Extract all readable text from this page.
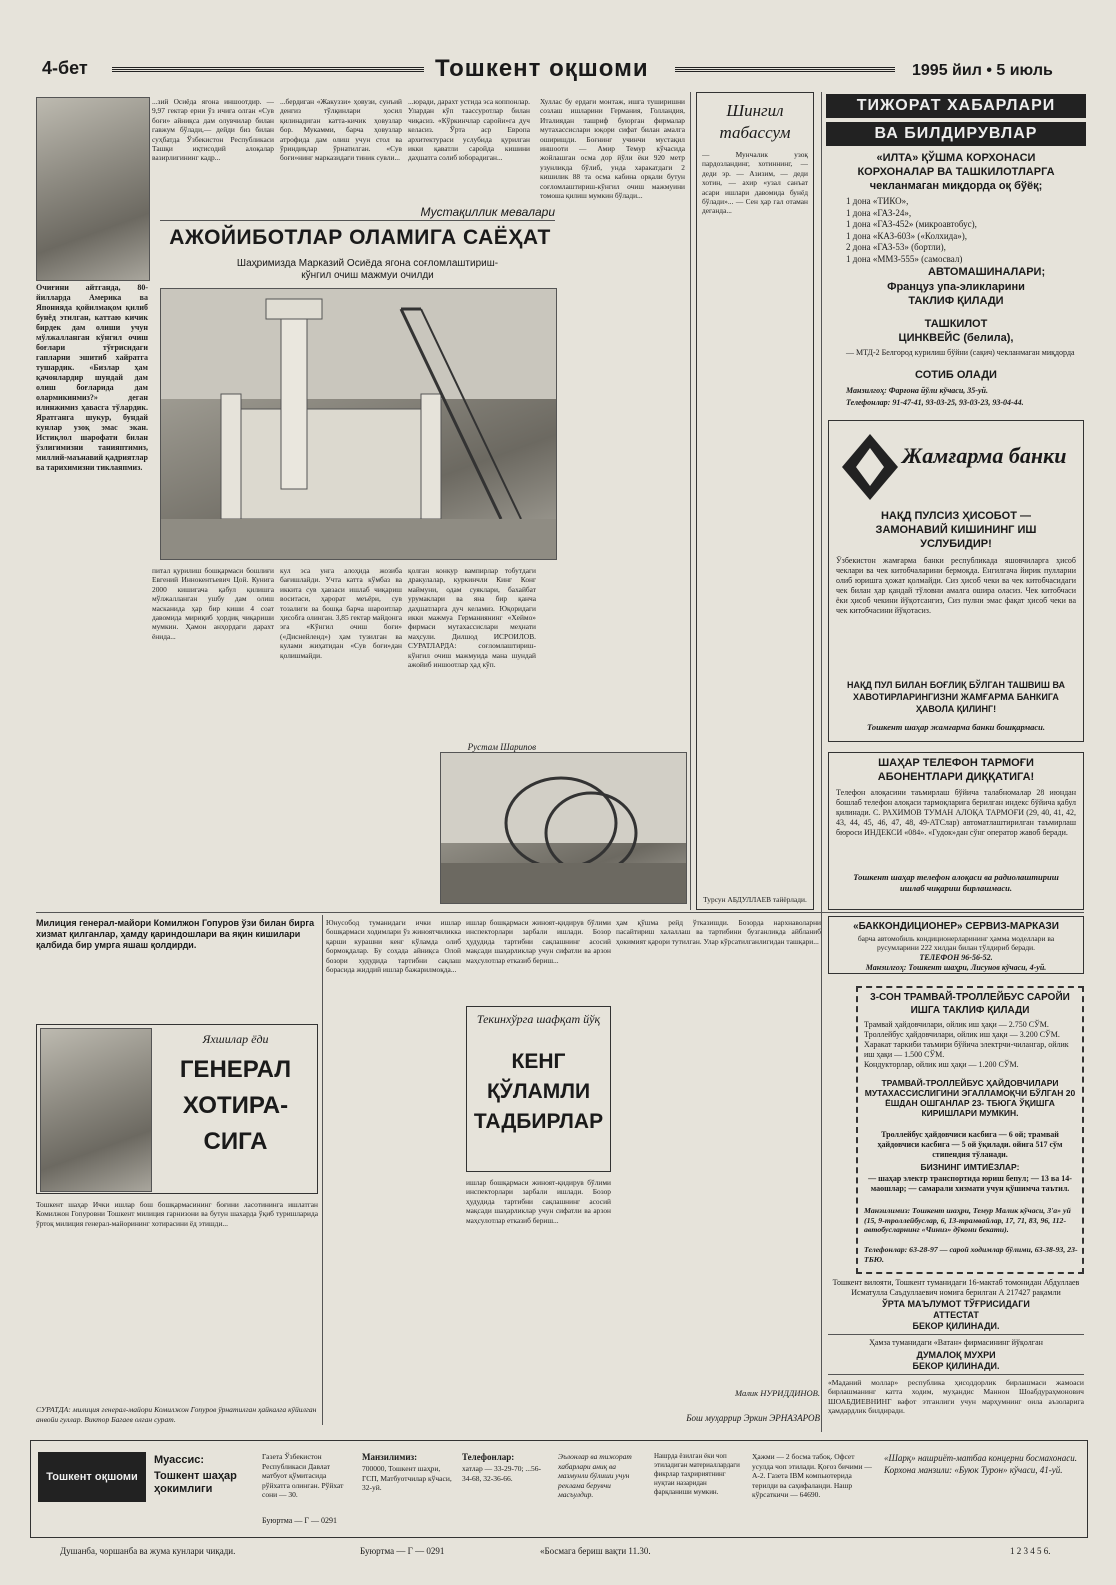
4-бет	Тошкент оқшоми	1995 йил • 5 июль
Очиғини айтганда, 80-йилларда Америка ва Японияда қойилмақом қилиб бунёд этилган, каттаю кичик бирдек дам олиши учун мўлжалланган кўнгил очиш боғлари тўғрисидаги гапларни эшитиб хайратга тушардик. «Бизлар ҳам қачонлардир шундай дам олиш боғларида дам олармикинмиз?» деган илинжимиз ҳавасга тўлардик. Яратганга шукур, бундай кунлар узоқ эмас экан. Истиқлол шарофати билан ўзлигимизни танияптимиз, миллий-маънавий қадриятлар ва тарихимизни тиклаяпмиз.
...зий Осиёда ягона иншоотдир. — 9,97 гектар ерни ўз ичига олган «Сув боғи» айниқса дам олувчилар билан гавжум бўлади,— дейди биз билан суҳбатда Ўзбекистон Республикаси Ташқи иқтисодий алоқалар вазирлигининг кадр...
...бердиган «Жакуззи» ҳовузи, сунъий денгиз тўлқинлари ҳосил қилинадиган катта-кичик ҳовузлар бор. Мукамми, барча ҳовузлар атрофида дам олиш учун стол ва ўриндиқлар ўрнатилган. «Сув боғи»нинг марказидаги тиник сувли...
...юради, дарахт устида эса коппонлар. Улардан кўп тааcсуротлар билан чиқасиз. «Кўркинчлар саройи»га дуч келасиз. Ўрта аср Европа архитектураси услубида қурилган икки қаватли саройда кишини даҳшатга солиб юборадиган...
Мустақиллик мевалари
АЖОЙИБОТЛАР ОЛАМИГА САЁҲАТ
Шаҳримизда Марказий Осиёда ягона соғломлаштириш-кўнгил очиш мажмуи очилди
питал қурилиш бошқармаси бошлиғи Евгений Иннокентьевич Цой. Кунига 2000 кишигача қабул қилишга мўлжалланган ушбу дам олиш масканида ҳар бир киши 4 соат давомида мириқиб ҳордиқ чиқариши мумкин. Ҳамон анҳордаги дарахт ёнида...
кул эса унга алоҳида жозиба бағишлайди. Учта катта кўмбаз ва иккита сув ҳавзаси ишлаб чиқариш воситаси, ҳарорат меъёри, сув тозалиги ва бошқа барча шароитлар ҳисобга олинган. 3,85 гектар майдонга эга «Кўнгил очиш боғи» («Диснейленд») ҳам тузилган ва кулами жиҳатидан «Сув боғи»дан қолишмайди.
қолган конкур вампирлар тобутдаги дракулалар, куркинчли Кинг Конг маймуни, одам суяклари, бахайбат урумаклари ва яна бир қанча даҳшатларга дуч келамиз. Юқоридаги икки мажмуа Германиянинг «Хеймо» фирмаси мутахассислари меҳнати маҳсули. Дилшод ИСРОИЛОВ. СУРАТЛАРДА: соғломлаштириш-кўнгил очиш мажмуида мана шундай ажойиб иншоотлар ҳад кўп.
Рустам Шарипов
Хуллас бу ердаги монтаж, ишга туширишни созлаш ишларини Германия, Голландия, Италиядан ташриф буюрган фирмалар мутахассислари юқори сифат билан амалга оширишди. Боғнинг учинчи мустақил иншооти — Амир Темур кўчасида жойлашган осма дор йўли ёки 920 метр узунликда бўлиб, унда харакатдаги 2 кишилик 88 та осма кабина орқали бутун соғломлаштириш-кўнгил очиш мажмуини томоша қилиш мумкин бўлади...
Шингил табассум
— Мунчалик узоқ пардозландинг, хотиннинг, — деди эр. — Азизим, — деди хотин, — ахир «узал санъат асари ишлари давомида бунёд бўлади»... — Сен ҳар гал отаман деганда...
Турсун АБДУЛЛАЕВ тайёрлади.
ТИЖОРАТ ХАБАРЛАРИ
ВА БИЛДИРУВЛАР
«ИЛТА» ҚЎШМА КОРХОНАСИ
КОРХОНАЛАР ВА ТАШКИЛОТЛАРГА
чекланмаган миқдорда оқ бўёқ;
1 дона «ТИКО»,
1 дона «ГАЗ-24»,
1 дона «ГАЗ-452» (микроавтобус),
1 дона «КАЗ-603» («Колхида»),
2 дона «ГАЗ-53» (бортли),
1 дона «ММЗ-555» (самосвал)
АВТОМАШИНАЛАРИ;
Француз упа-эликларини
ТАКЛИФ ҚИЛАДИ
ТАШКИЛОТ
ЦИНКВЕЙС (белила),
— МТД-2 Белгород курилиш бўйни (сақич) чекланмаган миқдорда
СОТИБ ОЛАДИ
Манзилгоҳ: Фарғона йўли кўчаси, 35-уй.
Телефонлар: 91-47-41, 93-03-25, 93-03-23, 93-04-44.
Жамғарма банки
НАҚД ПУЛСИЗ ҲИСОБОТ —
ЗАМОНАВИЙ КИШИНИНГ ИШ
УСЛУБИДИР!
Ўзбекистон жамғарма банки республикада яшовчиларга ҳисоб чеклари ва чек китобчаларини бермоқда. Енгилгача йирик пулларни олиб юришга ҳожат қолмайди. Сиз ҳисоб чеки ва чек китобчасидаги чек билан ҳар қандай тўловни амалга ошира оласиз. Чек китобчаси ёки ҳисоб чекини йўқотсангиз, Сиз пулни эмас фақат ҳисоб чеки ва чек китобчасини йўқотасиз.
НАҚД ПУЛ БИЛАН БОҒЛИҚ БЎЛГАН ТАШВИШ ВА
ХАВОТИРЛАРИНГИЗНИ ЖАМҒАРМА БАНКИГА
ҲАВОЛА ҚИЛИНГ!
Тошкент шаҳар жамғарма банки бошқармаси.
ШАҲАР ТЕЛЕФОН ТАРМОҒИ
АБОНЕНТЛАРИ ДИҚҚАТИГА!
Телефон алоқасини таъмирлаш бўйича талабномалар 28 июндан бошлаб телефон алоқаси тармоқларига берилган индекс бўйича қабул қилинади. С. РАХИМОВ ТУМАН АЛОҚА ТАРМОҒИ (29, 40, 41, 42, 43, 44, 45, 46, 47, 48, 49-АТСлар) автоматлаштирилган таъмирлаш бюроси ИНДЕКСИ «084». «Гудок»дан сўнг оператор жавоб беради.
Тошкент шаҳар телефон алоқаси ва радиолаштириш ишлаб чиқариш бирлашмаси.
«БАККОНДИЦИОНЕР» СЕРВИЗ-МАРКАЗИ
барча автомобиль кондиционерларининг ҳамма моделлари ва русумларини 222 хилдан билан тўлдириб беради.
ТЕЛЕФОН 96-56-52.
Манзилгоҳ: Тошкент шаҳри, Лисунов кўчаси, 4-уй.
3-СОН ТРАМВАЙ-ТРОЛЛЕЙБУС САРОЙИ
ИШГА ТАКЛИФ ҚИЛАДИ
Трамвай ҳайдовчилари, ойлик иш ҳақи — 2.750 СЎМ.
Троллейбус ҳайдовчилари, ойлик иш ҳақи — 3.200 СЎМ.
Харакат таркиби таъмири бўйича электрчи-чилангар, ойлик иш ҳақи — 1.500 СЎМ.
Кондукторлар, ойлик иш ҳақи — 1.200 СЎМ.
ТРАМВАЙ-ТРОЛЛЕЙБУС ҲАЙДОВЧИЛАРИ МУТАХАССИСЛИГИНИ ЭГАЛЛАМОҚЧИ БЎЛГАН 20 ЁШДАН ОШГАНЛАР 23- ТБЮГА ЎҚИШГА КИРИШЛАРИ МУМКИН.
Троллейбус ҳайдовчиси касбига — 6 ой; трамвай ҳайдовчиси касбига — 5 ой ўқилади. ойига 517 сўм стипендия тўланади.
БИЗНИНГ ИМТИЁЗЛАР:
— шаҳар электр транспортида юриш бепул; — 13 ва 14-маошлар; — самарали хизмати учун қўшимча таътил.
Манзилимиз: Тошкент шаҳри, Темур Малик кўчаси, 3'а» уй (15, 9-троллейбуслар, 6, 13-трамвайлар, 17, 71, 83, 96, 112-автобусларнинг «Чиниз» дўкони бекати).
Телефонлар: 63-28-97 — сарой ходимлар бўлими, 63-38-93, 23-ТБЮ.
Тошкент вилояти, Тошкент туманидаги 16-мактаб томонидан Абдуллаев Исматулла Саъдуллаевич номига берилган А 217427 рақамли
ЎРТА МАЪЛУМОТ ТЎҒРИСИДАГИ
АТТЕСТАТ
БЕКОР ҚИЛИНАДИ.
Ҳамза туманидаги «Ватан» фирмасининг йўқолган
ДУМАЛОҚ МУХРИ
БЕКОР ҚИЛИНАДИ.
«Маданий моллар» республика ҳисоддорлик бирлашмаси жамоаси бирлашманинг катта ходим, муҳандис Маннон Шоабдураҳмонович ШОАБДИЕВНИНГ вафот этганлиги учун марҳумнинг оила аъзоларига ҳамдардлик билдиради.
Милиция генерал-майори Комилжон Гопуров ўзи билан бирга хизмат қилганлар, ҳамду қариндошлари ва яқин кишилари қалбида бир умрга яшаш қолдирди.
Яхшилар ёди
ГЕНЕРАЛ
ХОТИРА-
СИГА
Тошкент шаҳар Ички ишлар бош бошқармасининг боғини ласотининга ишлатган Комилжон Гопуровни Тошкент милиция гарнизони ва бутун шахарда ўқиб туришларида ўртоқ милиция генерал-майорининг хотирасини ёд этишди...
СУРАТДА: милиция генерал-майори Комилжон Гопуров ўрнатилган ҳайкалга кўйилган анвойи гуллар. Виктор Багаев олган сурат.
Юнусобод туманидаги ички ишлар бошқармаси ходимлари ўз жиноятчиликка қарши курашни кенг кўламда олиб бормоқдалар. Бу соҳада айниқса Олой бозори худудида тартибни сақлаш борасида жиддий ишлар бажарилмоқда...
ишлар бошқармаси жиноят-қидирув бўлими инспекторлари зарбали ишлади. Бозор ҳудудида тартибни сақлашнинг асосий мақсади шаҳарликлар учун сифатли ва арзон маҳсулотлар етказиб бериш...
Текинхўрга шафқат йўқ
КЕНГ
ҚЎЛАМЛИ
ТАДБИРЛАР
ишлар бошқармаси жиноят-қидирув бўлими инспекторлари зарбали ишлади. Бозор ҳудудида тартибни сақлашнинг асосий мақсади шаҳарликлар учун сифатли ва арзон маҳсулотлар етказиб бериш...
ҳам қўшма рейд ўтказишди. Бозорда нархнаволарни пасайтириш халаллаш ва тартибини бузганликда айбланиб ҳокимият қарори тутилган. Улар кўрсатилганлигидан ташқари...
Малик НУРИДДИНОВ.
Бош муҳаррир Эркин ЭРНАЗАРОВ
Тошкент оқшоми
Муассис:
Тошкент шаҳар ҳокимлиги
Газета Ўзбекистон Республикаси Давлат матбуот қўмитасида рўйхатга олинган. Рўйхат сони — 30.
Манзилимиз:
700000, Тошкент шаҳри, ГСП, Матбуотчилар кўчаси, 32-уй.
Телефонлар:
хатлар — 33-29-70; ...56-34-68, 32-36-66.
Эълонлар ва тижорат хабарлари аниқ ва мазмунли бўлиши учун реклама берувчи масъулдир.
Нашрда ёзилган ёки чоп этиладиган материаллардаги фикрлар таҳририятнинг нуқтаи назаридан фарқланиши мумкин.
Ҳажми — 2 босма табоқ. Офсет усулда чоп этилади. Қоғоз бичими — А-2. Газета IBM компьютерида терилди ва саҳифаланди. Нашр кўрсаткичи — 64690.
«Шарқ» нашриёт-матбаа концерни босмахонаси. Корхона манзили: «Буюк Турон» кўчаси, 41-уй.
Буюртма — Г — 0291
Душанба, чоршанба ва жума кунлари чиқади.	Буюртма — Г — 0291	«Босмага бериш вақти 11.30.	1 2 3 4 5 6.
